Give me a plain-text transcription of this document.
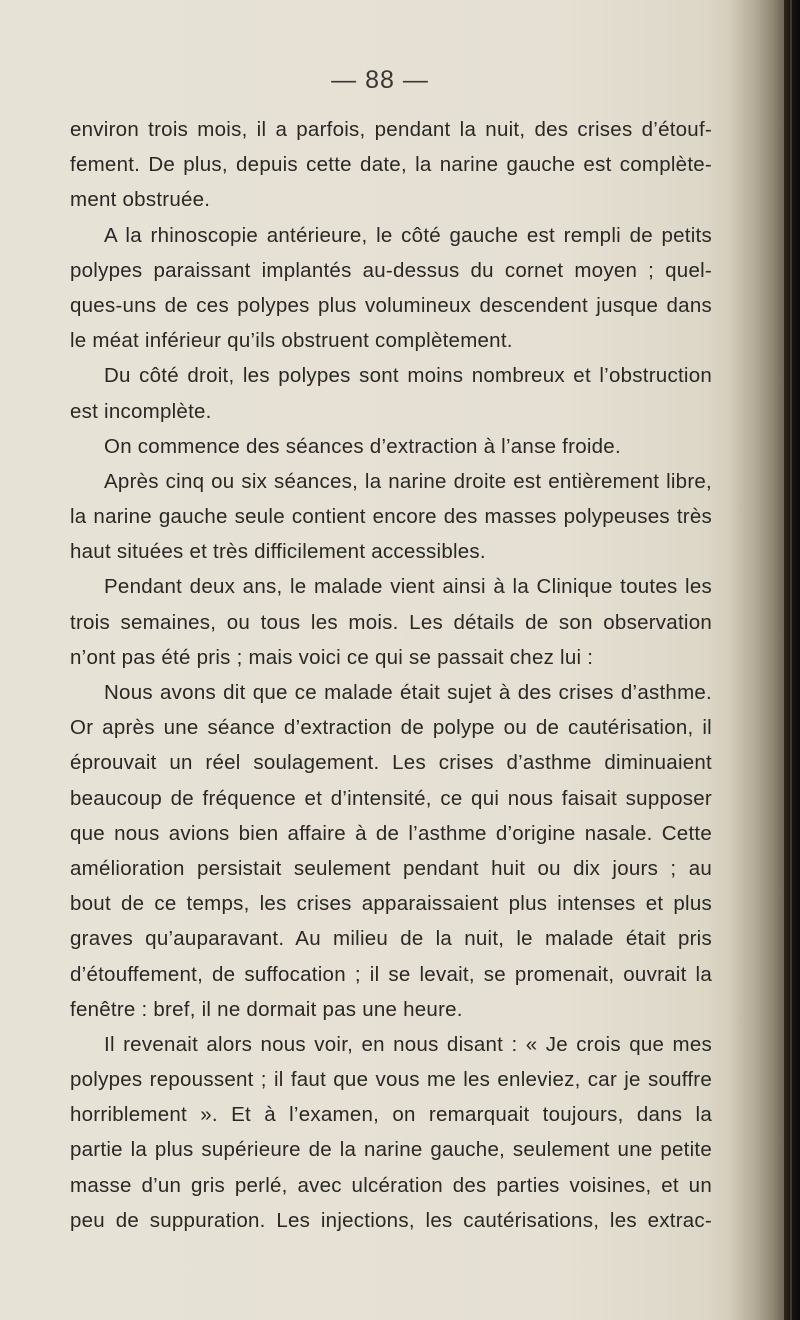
— 88 —
environ trois mois, il a parfois, pendant la nuit, des crises d’étouf-
fement. De plus, depuis cette date, la narine gauche est complète-
ment obstruée.
A la rhinoscopie antérieure, le côté gauche est rempli de petits
polypes paraissant implantés au-dessus du cornet moyen ; quel-
ques-uns de ces polypes plus volumineux descendent jusque dans
le méat inférieur qu’ils obstruent complètement.
Du côté droit, les polypes sont moins nombreux et l’obstruction
est incomplète.
On commence des séances d’extraction à l’anse froide.
Après cinq ou six séances, la narine droite est entièrement libre,
la narine gauche seule contient encore des masses polypeuses très
haut situées et très difficilement accessibles.
Pendant deux ans, le malade vient ainsi à la Clinique toutes les
trois semaines, ou tous les mois. Les détails de son observation
n’ont pas été pris ; mais voici ce qui se passait chez lui :
Nous avons dit que ce malade était sujet à des crises d’asthme.
Or après une séance d’extraction de polype ou de cautérisation, il
éprouvait un réel soulagement. Les crises d’asthme diminuaient
beaucoup de fréquence et d’intensité, ce qui nous faisait supposer
que nous avions bien affaire à de l’asthme d’origine nasale. Cette
amélioration persistait seulement pendant huit ou dix jours ; au
bout de ce temps, les crises apparaissaient plus intenses et plus
graves qu’auparavant. Au milieu de la nuit, le malade était pris
d’étouffement, de suffocation ; il se levait, se promenait, ouvrait la
fenêtre : bref, il ne dormait pas une heure.
Il revenait alors nous voir, en nous disant : « Je crois que mes
polypes repoussent ; il faut que vous me les enleviez, car je souffre
horriblement ». Et à l’examen, on remarquait toujours, dans la
partie la plus supérieure de la narine gauche, seulement une petite
masse d’un gris perlé, avec ulcération des parties voisines, et un
peu de suppuration. Les injections, les cautérisations, les extrac-
